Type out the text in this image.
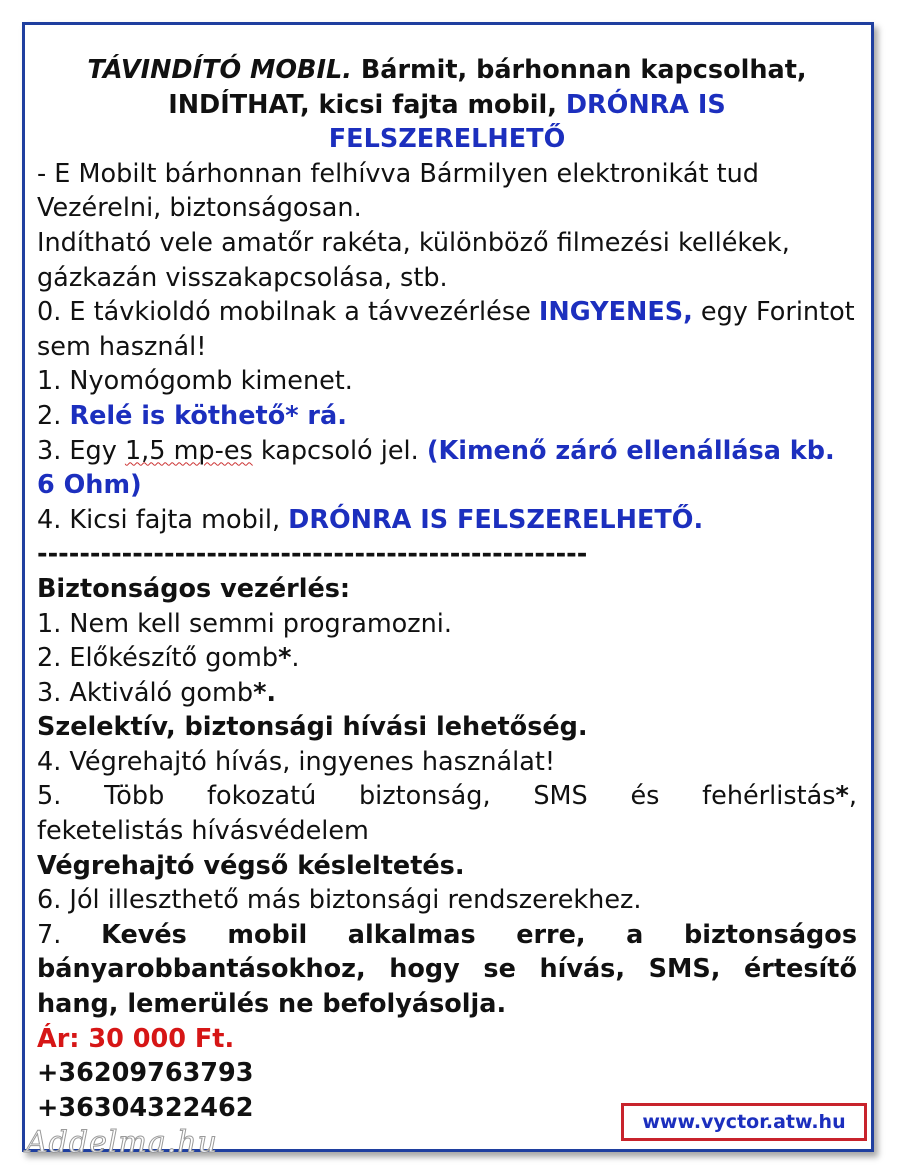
TÁVINDÍTÓ MOBIL. Bármit, bárhonnan kapcsolhat,
INDÍTHAT, kicsi fajta mobil, DRÓNRA IS
FELSZERELHETŐ

- E Mobilt bárhonnan felhívva Bármilyen elektronikát tud Vezérelni, biztonságosan.

Indítható vele amatőr rakéta, különböző filmezési kellékek, gázkazán visszakapcsolása, stb.

0. E távkioldó mobilnak a távvezérlése INGYENES, egy Forintot sem használ!

1. Nyomógomb kimenet.

2. Relé is köthető* rá.

3. Egy 1,5 mp-es kapcsoló jel. (Kimenő záró ellenállása kb. 6 Ohm)

4. Kicsi fajta mobil, DRÓNRA IS FELSZERELHETŐ.

----------------------------------------------------

Biztonságos vezérlés:

1. Nem kell semmi programozni.

2. Előkészítő gomb*.

3. Aktiváló gomb*.

Szelektív, biztonsági hívási lehetőség.

4. Végrehajtó hívás, ingyenes használat!

5. Több fokozatú biztonság, SMS és fehérlistás*,

feketelistás hívásvédelem

Végrehajtó végső késleltetés.

6. Jól illeszthető más biztonsági rendszerekhez.

7. Kevés mobil alkalmas erre, a biztonságos bányarobbantásokhoz, hogy se hívás, SMS, értesítő hang, lemerülés ne befolyásolja.

Ár: 30 000 Ft.

+36209763793

+36304322462	www.vyctor.atw.hu
Addelma.hu
